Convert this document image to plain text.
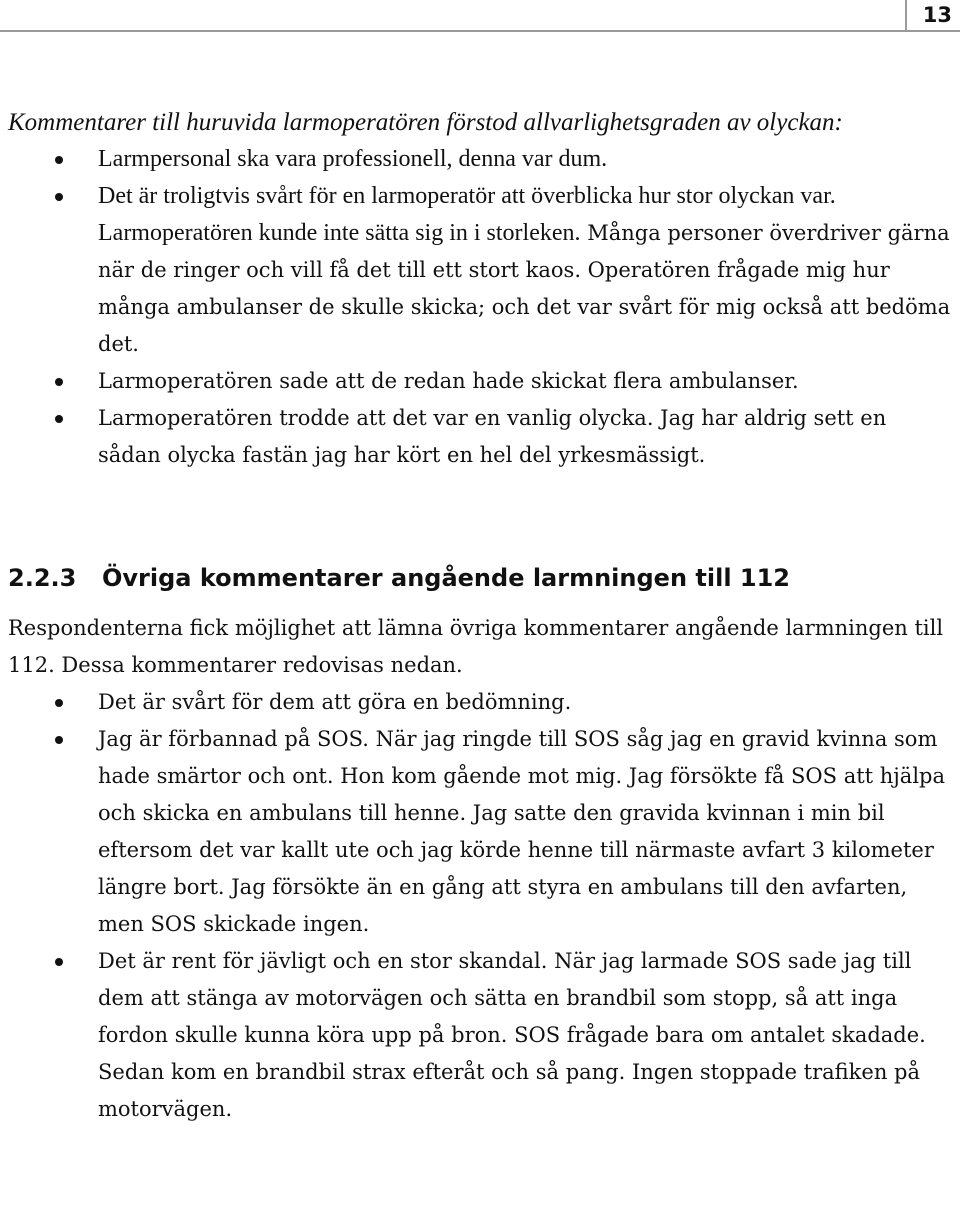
13

Kommentarer till huruvida larmoperatören förstod allvarlighetsgraden av olyckan:

Larmpersonal ska vara professionell, denna var dum.
Det är troligtvis svårt för en larmoperatör att överblicka hur stor olyckan var. Larmoperatören kunde inte sätta sig in i storleken. Många personer överdriver gärna när de ringer och vill få det till ett stort kaos. Operatören frågade mig hur många ambulanser de skulle skicka; och det var svårt för mig också att bedöma det.
Larmoperatören sade att de redan hade skickat flera ambulanser.
Larmoperatören trodde att det var en vanlig olycka. Jag har aldrig sett en sådan olycka fastän jag har kört en hel del yrkesmässigt.
2.2.3 Övriga kommentarer angående larmningen till 112

Respondenterna fick möjlighet att lämna övriga kommentarer angående larmningen till 112. Dessa kommentarer redovisas nedan.

Det är svårt för dem att göra en bedömning.
Jag är förbannad på SOS. När jag ringde till SOS såg jag en gravid kvinna som hade smärtor och ont. Hon kom gående mot mig. Jag försökte få SOS att hjälpa och skicka en ambulans till henne. Jag satte den gravida kvinnan i min bil eftersom det var kallt ute och jag körde henne till närmaste avfart 3 kilometer längre bort. Jag försökte än en gång att styra en ambulans till den avfarten, men SOS skickade ingen.
Det är rent för jävligt och en stor skandal. När jag larmade SOS sade jag till dem att stänga av motorvägen och sätta en brandbil som stopp, så att inga fordon skulle kunna köra upp på bron. SOS frågade bara om antalet skadade. Sedan kom en brandbil strax efteråt och så pang. Ingen stoppade trafiken på motorvägen.
